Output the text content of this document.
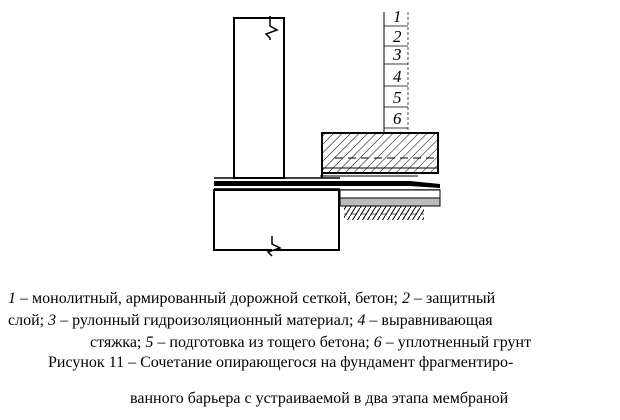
1
2
3
4
5
6
1 – монолитный, армированный дорожной сеткой, бетон; 2 – защитный
слой; 3 – рулонный гидроизоляционный материал; 4 – выравнивающая
стяжка; 5 – подготовка из тощего бетона; 6 – уплотненный грунт
Рисунок 11 – Сочетание опирающегося на фундамент фрагментиро-
ванного барьера с устраиваемой в два этапа мембраной
